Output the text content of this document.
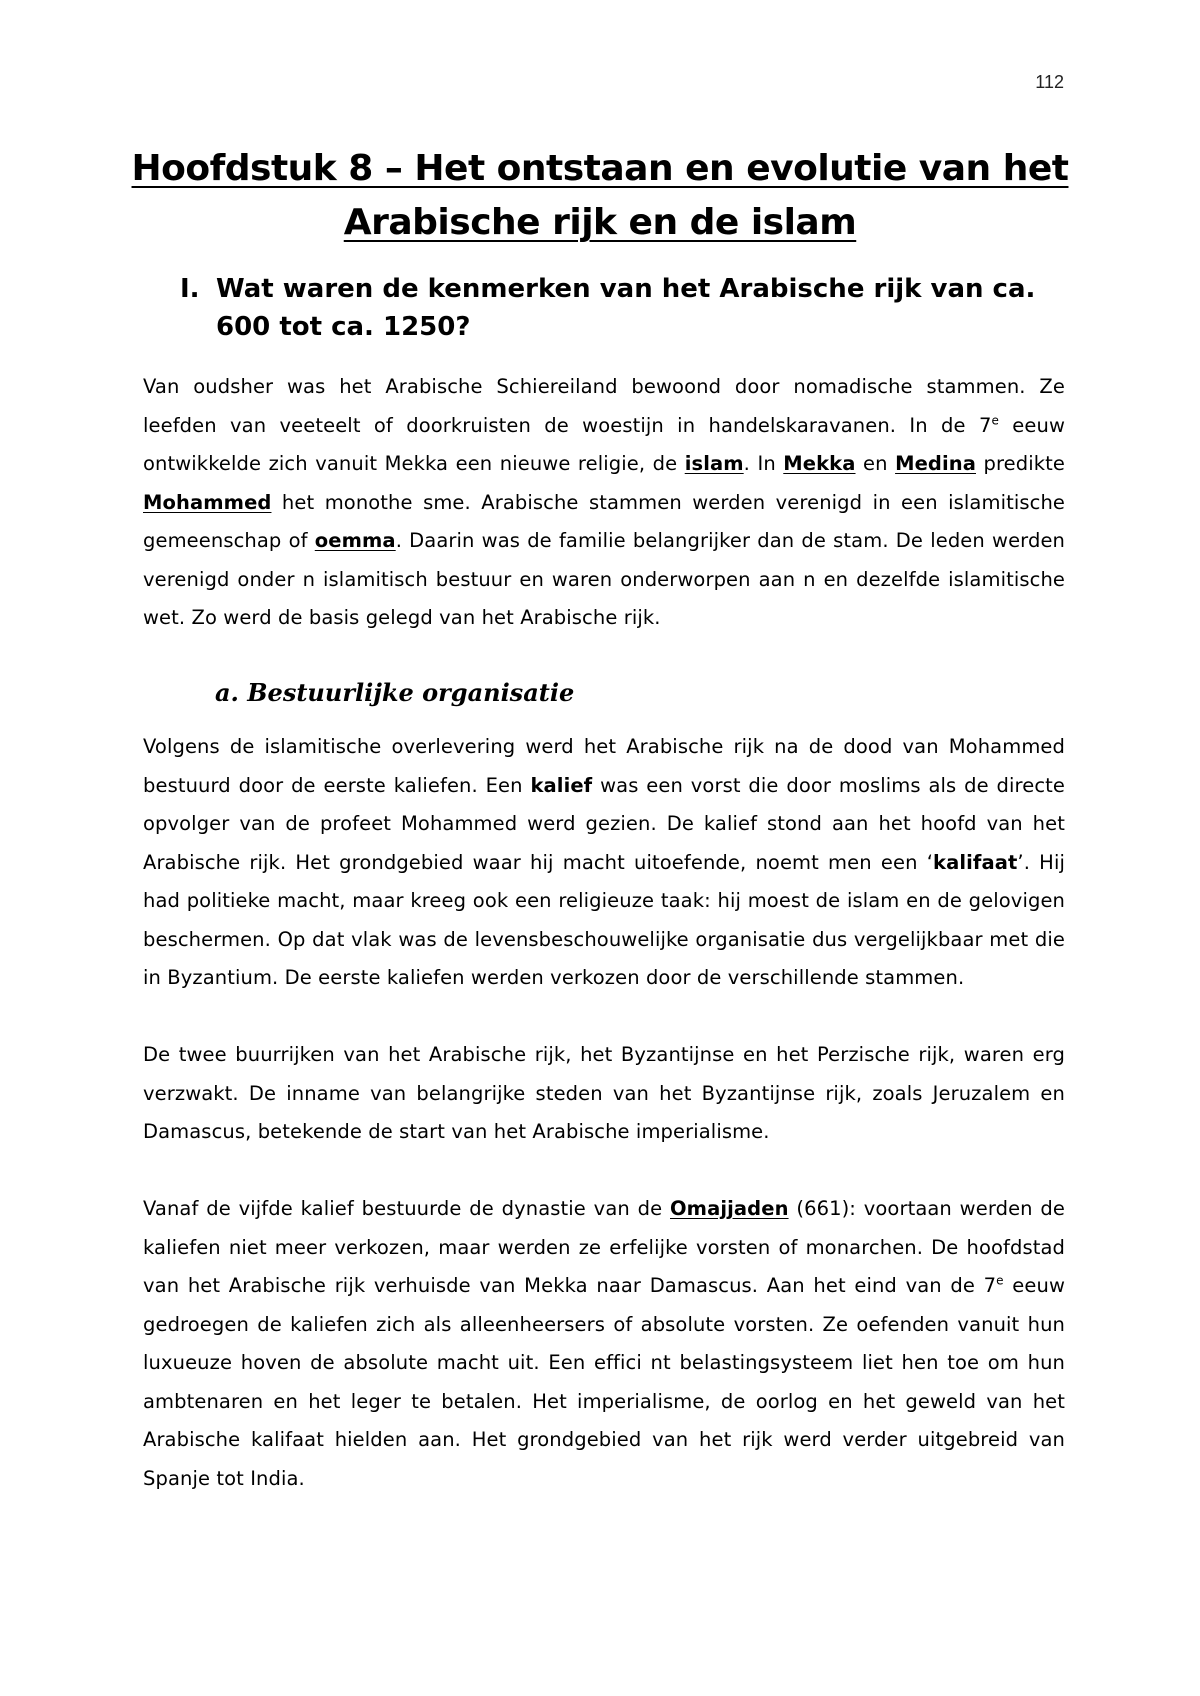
112
Hoofdstuk 8 – Het ontstaan en evolutie van het
Arabische rijk en de islam
I. Wat waren de kenmerken van het Arabische rijk van ca. 600 tot ca. 1250?

Van oudsher was het Arabische Schiereiland bewoond door nomadische stammen. Ze leefden van veeteelt of doorkruisten de woestijn in handelskaravanen. In de 7e eeuw ontwikkelde zich vanuit Mekka een nieuwe religie, de islam. In Mekka en Medina predikte Mohammed het monothe sme. Arabische stammen werden verenigd in een islamitische gemeenschap of oemma. Daarin was de familie belangrijker dan de stam. De leden werden verenigd onder n islamitisch bestuur en waren onderworpen aan n en dezelfde islamitische wet. Zo werd de basis gelegd van het Arabische rijk.

a. Bestuurlijke organisatie

Volgens de islamitische overlevering werd het Arabische rijk na de dood van Mohammed bestuurd door de eerste kaliefen. Een kalief was een vorst die door moslims als de directe opvolger van de profeet Mohammed werd gezien. De kalief stond aan het hoofd van het Arabische rijk. Het grondgebied waar hij macht uitoefende, noemt men een ‘kalifaat’. Hij had politieke macht, maar kreeg ook een religieuze taak: hij moest de islam en de gelovigen beschermen. Op dat vlak was de levensbeschouwelijke organisatie dus vergelijkbaar met die in Byzantium. De eerste kaliefen werden verkozen door de verschillende stammen.

De twee buurrijken van het Arabische rijk, het Byzantijnse en het Perzische rijk, waren erg verzwakt. De inname van belangrijke steden van het Byzantijnse rijk, zoals Jeruzalem en Damascus, betekende de start van het Arabische imperialisme.

Vanaf de vijfde kalief bestuurde de dynastie van de Omajjaden (661): voortaan werden de kaliefen niet meer verkozen, maar werden ze erfelijke vorsten of monarchen. De hoofdstad van het Arabische rijk verhuisde van Mekka naar Damascus. Aan het eind van de 7e eeuw gedroegen de kaliefen zich als alleenheersers of absolute vorsten. Ze oefenden vanuit hun luxueuze hoven de absolute macht uit. Een effici nt belastingsysteem liet hen toe om hun ambtenaren en het leger te betalen. Het imperialisme, de oorlog en het geweld van het Arabische kalifaat hielden aan. Het grondgebied van het rijk werd verder uitgebreid van Spanje tot India.
